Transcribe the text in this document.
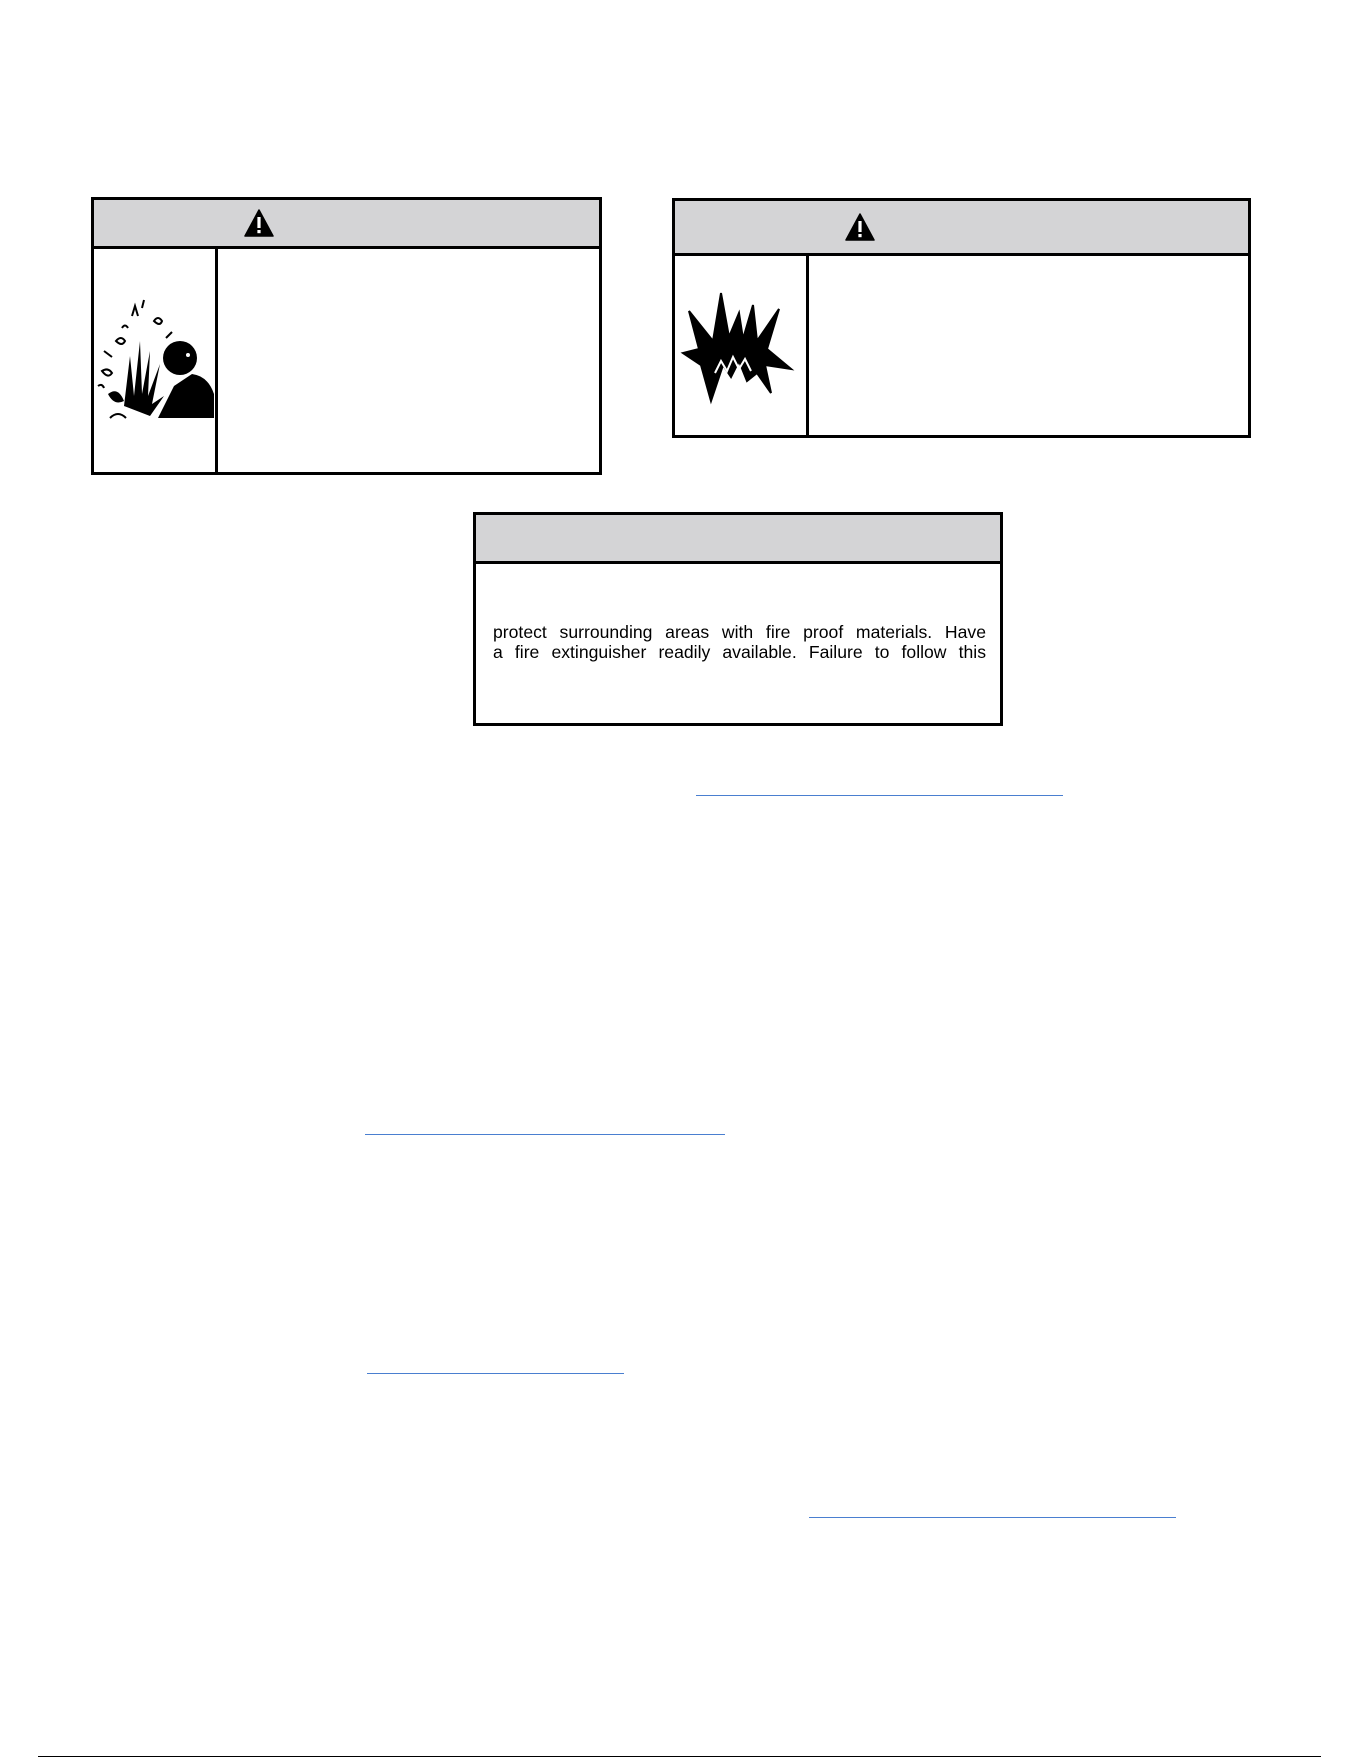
protect surrounding areas with fire proof materials. Have
a fire extinguisher readily available. Failure to follow this
